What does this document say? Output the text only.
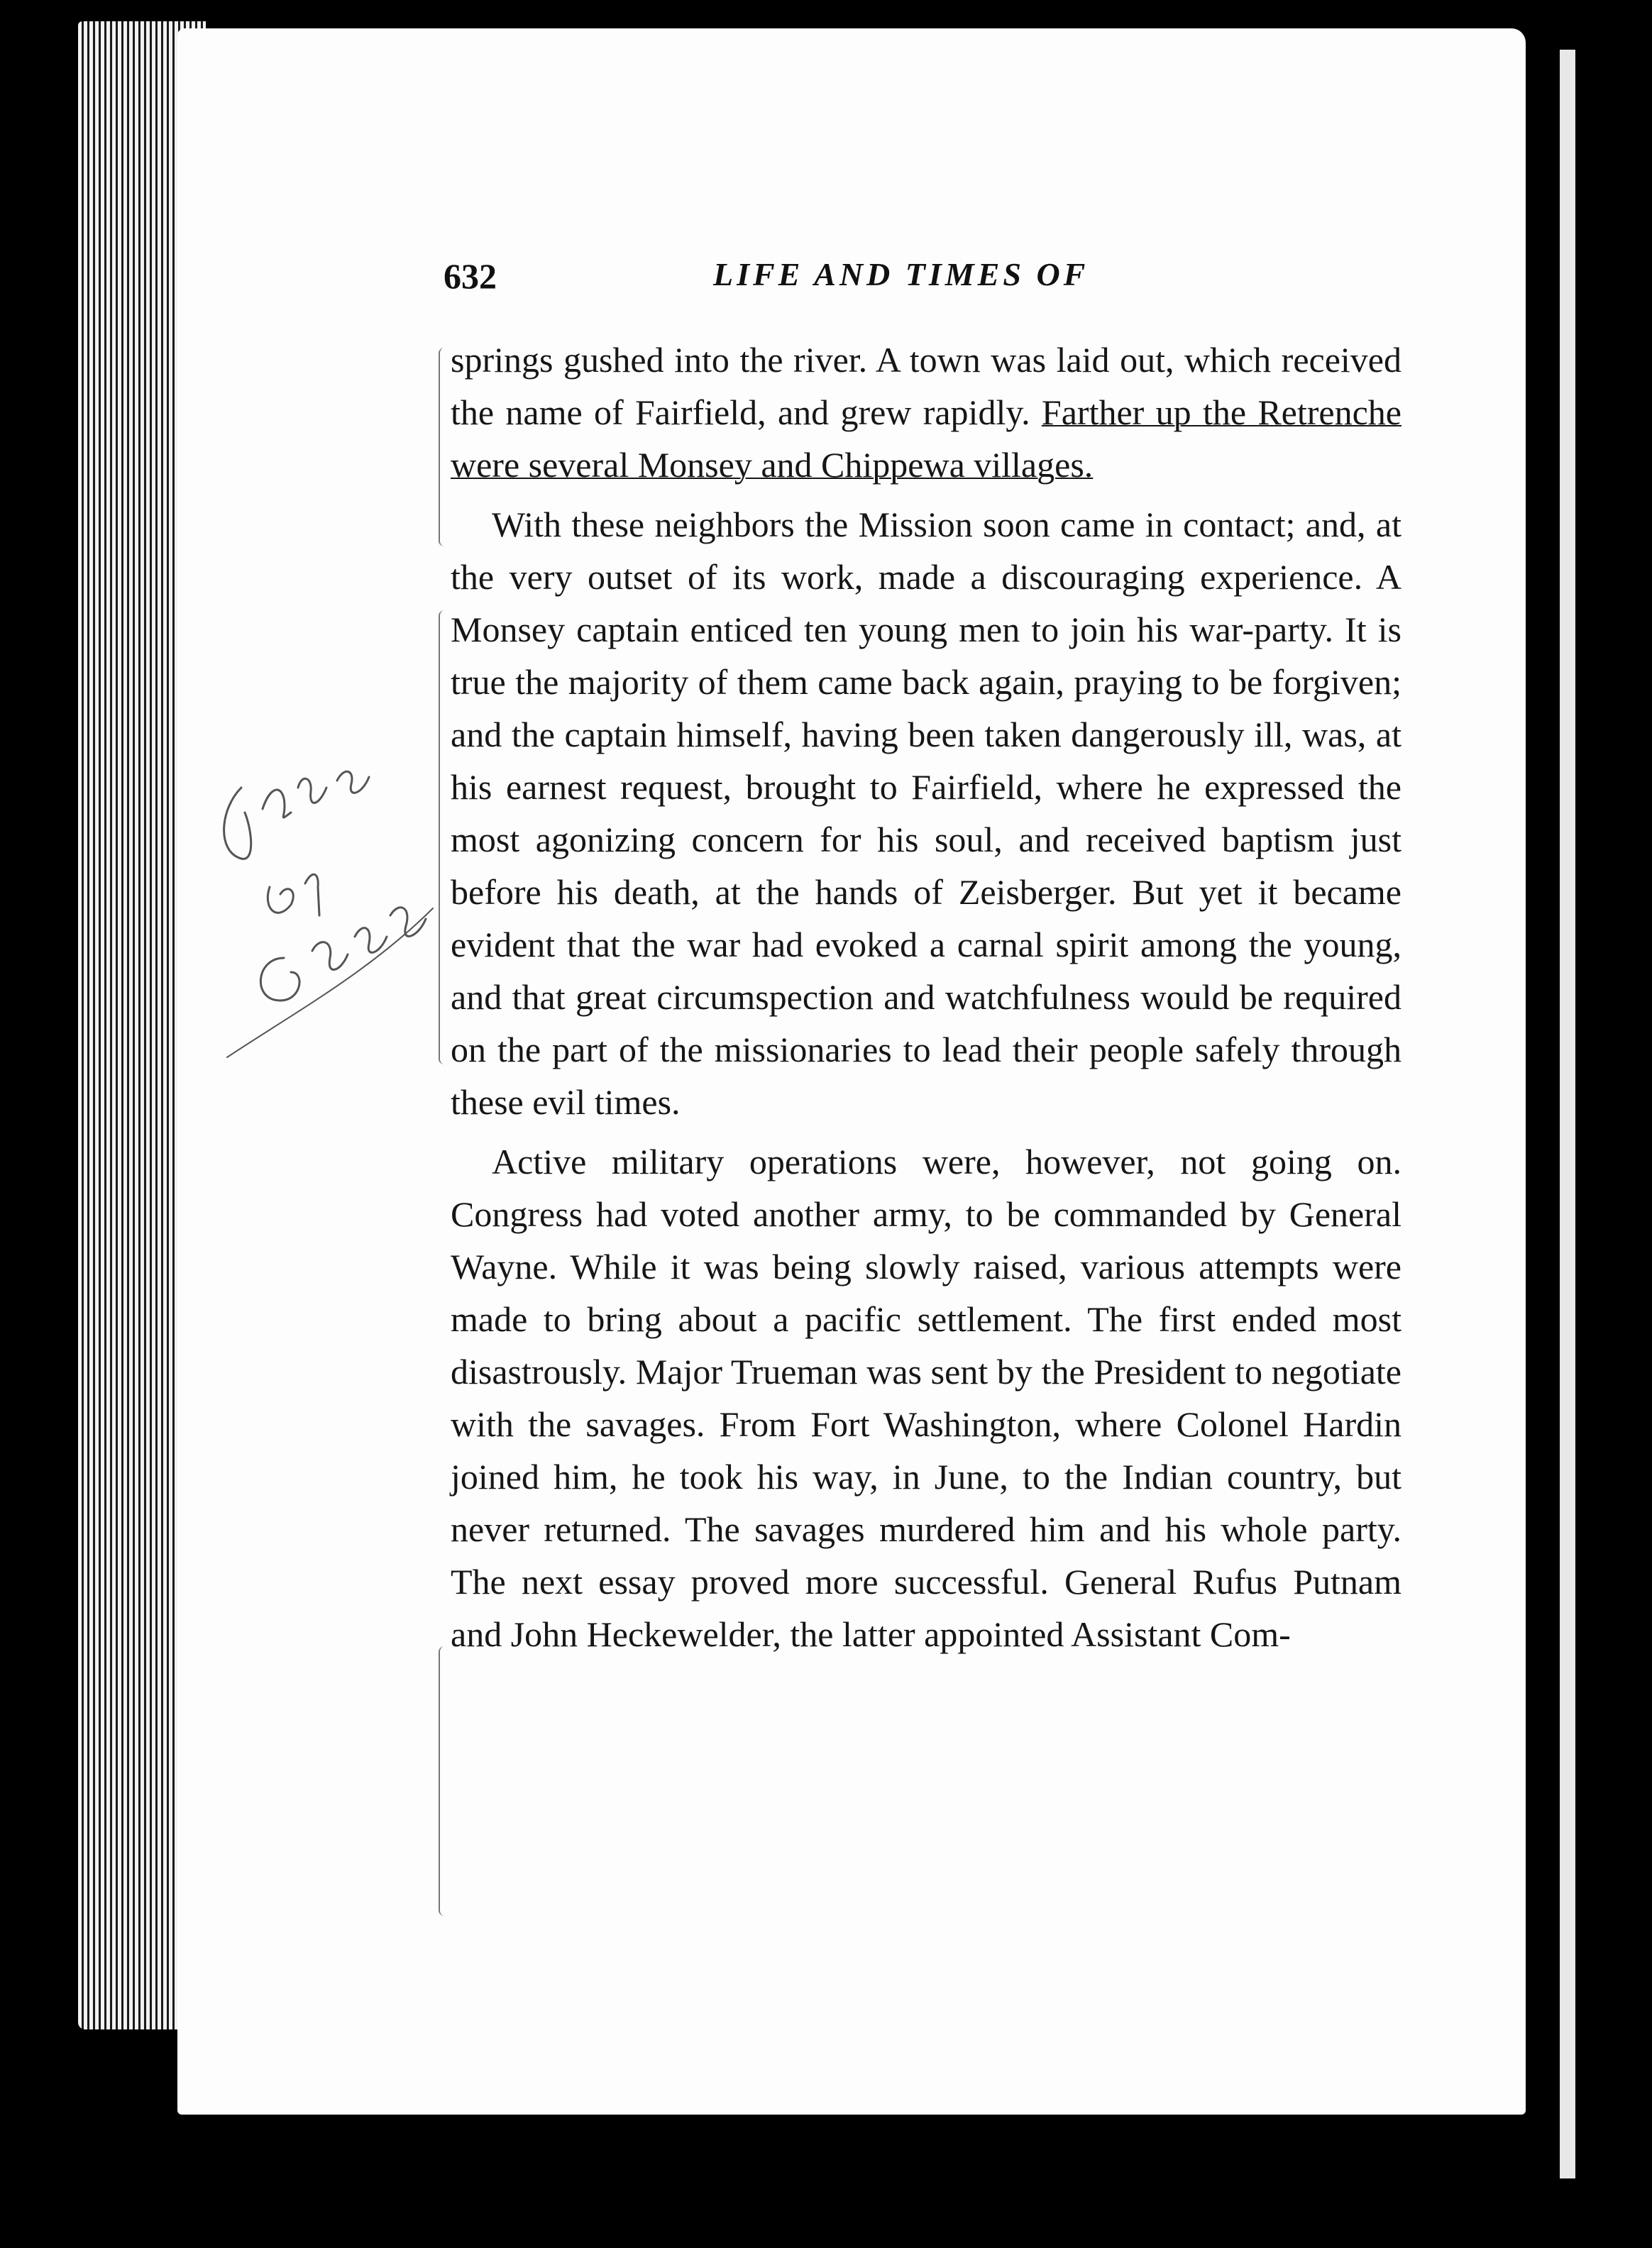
632	LIFE AND TIMES OF

springs gushed into the river. A town was laid out, which received the name of Fairfield, and grew rapidly. Farther up the Retrenche were several Monsey and Chippewa villages.

With these neighbors the Mission soon came in contact; and, at the very outset of its work, made a discouraging experience. A Monsey captain enticed ten young men to join his war-party. It is true the majority of them came back again, praying to be forgiven; and the captain himself, having been taken dangerously ill, was, at his earnest request, brought to Fairfield, where he expressed the most agonizing concern for his soul, and received baptism just before his death, at the hands of Zeisberger. But yet it became evident that the war had evoked a carnal spirit among the young, and that great circumspection and watchfulness would be required on the part of the missionaries to lead their people safely through these evil times.

Active military operations were, however, not going on. Congress had voted another army, to be commanded by General Wayne. While it was being slowly raised, various attempts were made to bring about a pacific settlement. The first ended most disastrously. Major Trueman was sent by the President to negotiate with the savages. From Fort Washington, where Colonel Hardin joined him, he took his way, in June, to the Indian country, but never returned. The savages murdered him and his whole party. The next essay proved more successful. General Rufus Putnam and John Heckewelder, the latter appointed Assistant Com-
